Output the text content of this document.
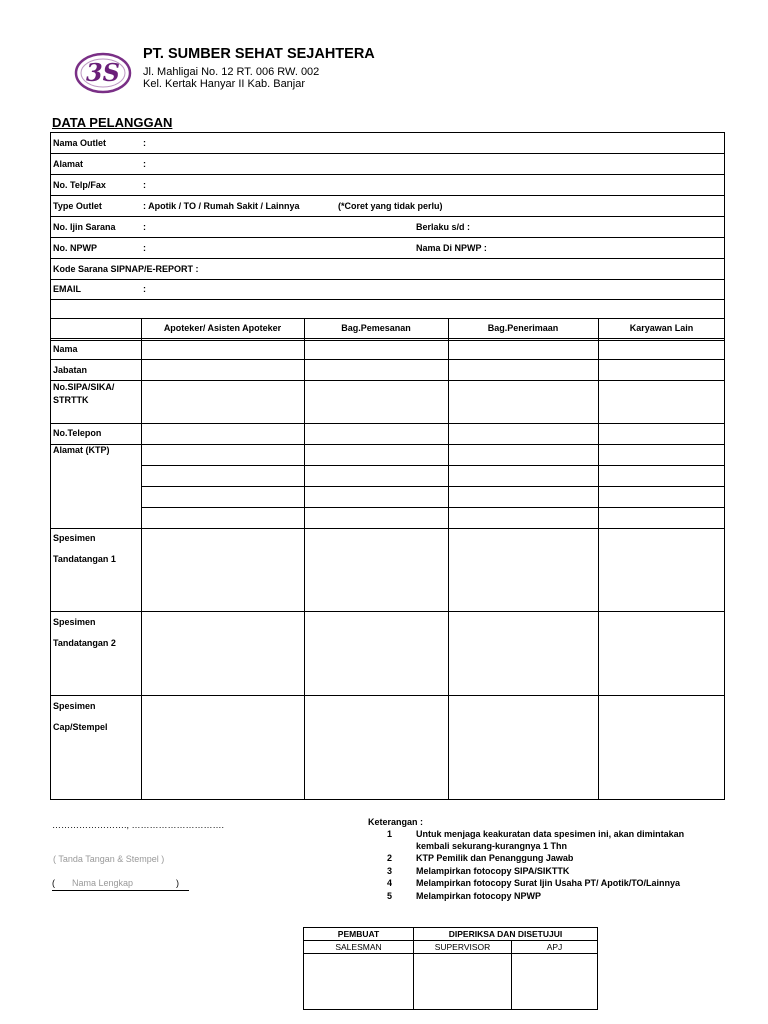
3S
PT. SUMBER SEHAT SEJAHTERA
Jl. Mahligai No. 12 RT. 006 RW. 002
Kel. Kertak Hanyar II Kab. Banjar
DATA PELANGGAN
Nama Outlet	:
Alamat	:
No. Telp/Fax	:
Type Outlet	: Apotik / TO / Rumah Sakit / Lainnya	(*Coret yang tidak perlu)
No. Ijin Sarana	:	Berlaku s/d :
No. NPWP	:	Nama Di NPWP :
Kode Sarana SIPNAP/E-REPORT :
EMAIL	:
Apoteker/ Asisten Apoteker	Bag.Pemesanan	Bag.Penerimaan	Karyawan Lain
Nama
Jabatan
No.SIPA/SIKA/
STRTTK
No.Telepon
Alamat (KTP)
Spesimen
Tandatangan 1
Spesimen
Tandatangan 2
Spesimen
Cap/Stempel
……………………., ………………………….
( Tanda Tangan & Stempel )
( Nama Lengkap	)
Keterangan :
1	Untuk menjaga keakuratan data spesimen ini, akan dimintakan
kembali sekurang-kurangnya 1 Thn
2	KTP Pemilik dan Penanggung Jawab
3	Melampirkan fotocopy SIPA/SIKTTK
4	Melampirkan fotocopy Surat Ijin Usaha PT/ Apotik/TO/Lainnya
5	Melampirkan fotocopy NPWP
PEMBUAT	DIPERIKSA DAN DISETUJUI
SALESMAN	SUPERVISOR	APJ
